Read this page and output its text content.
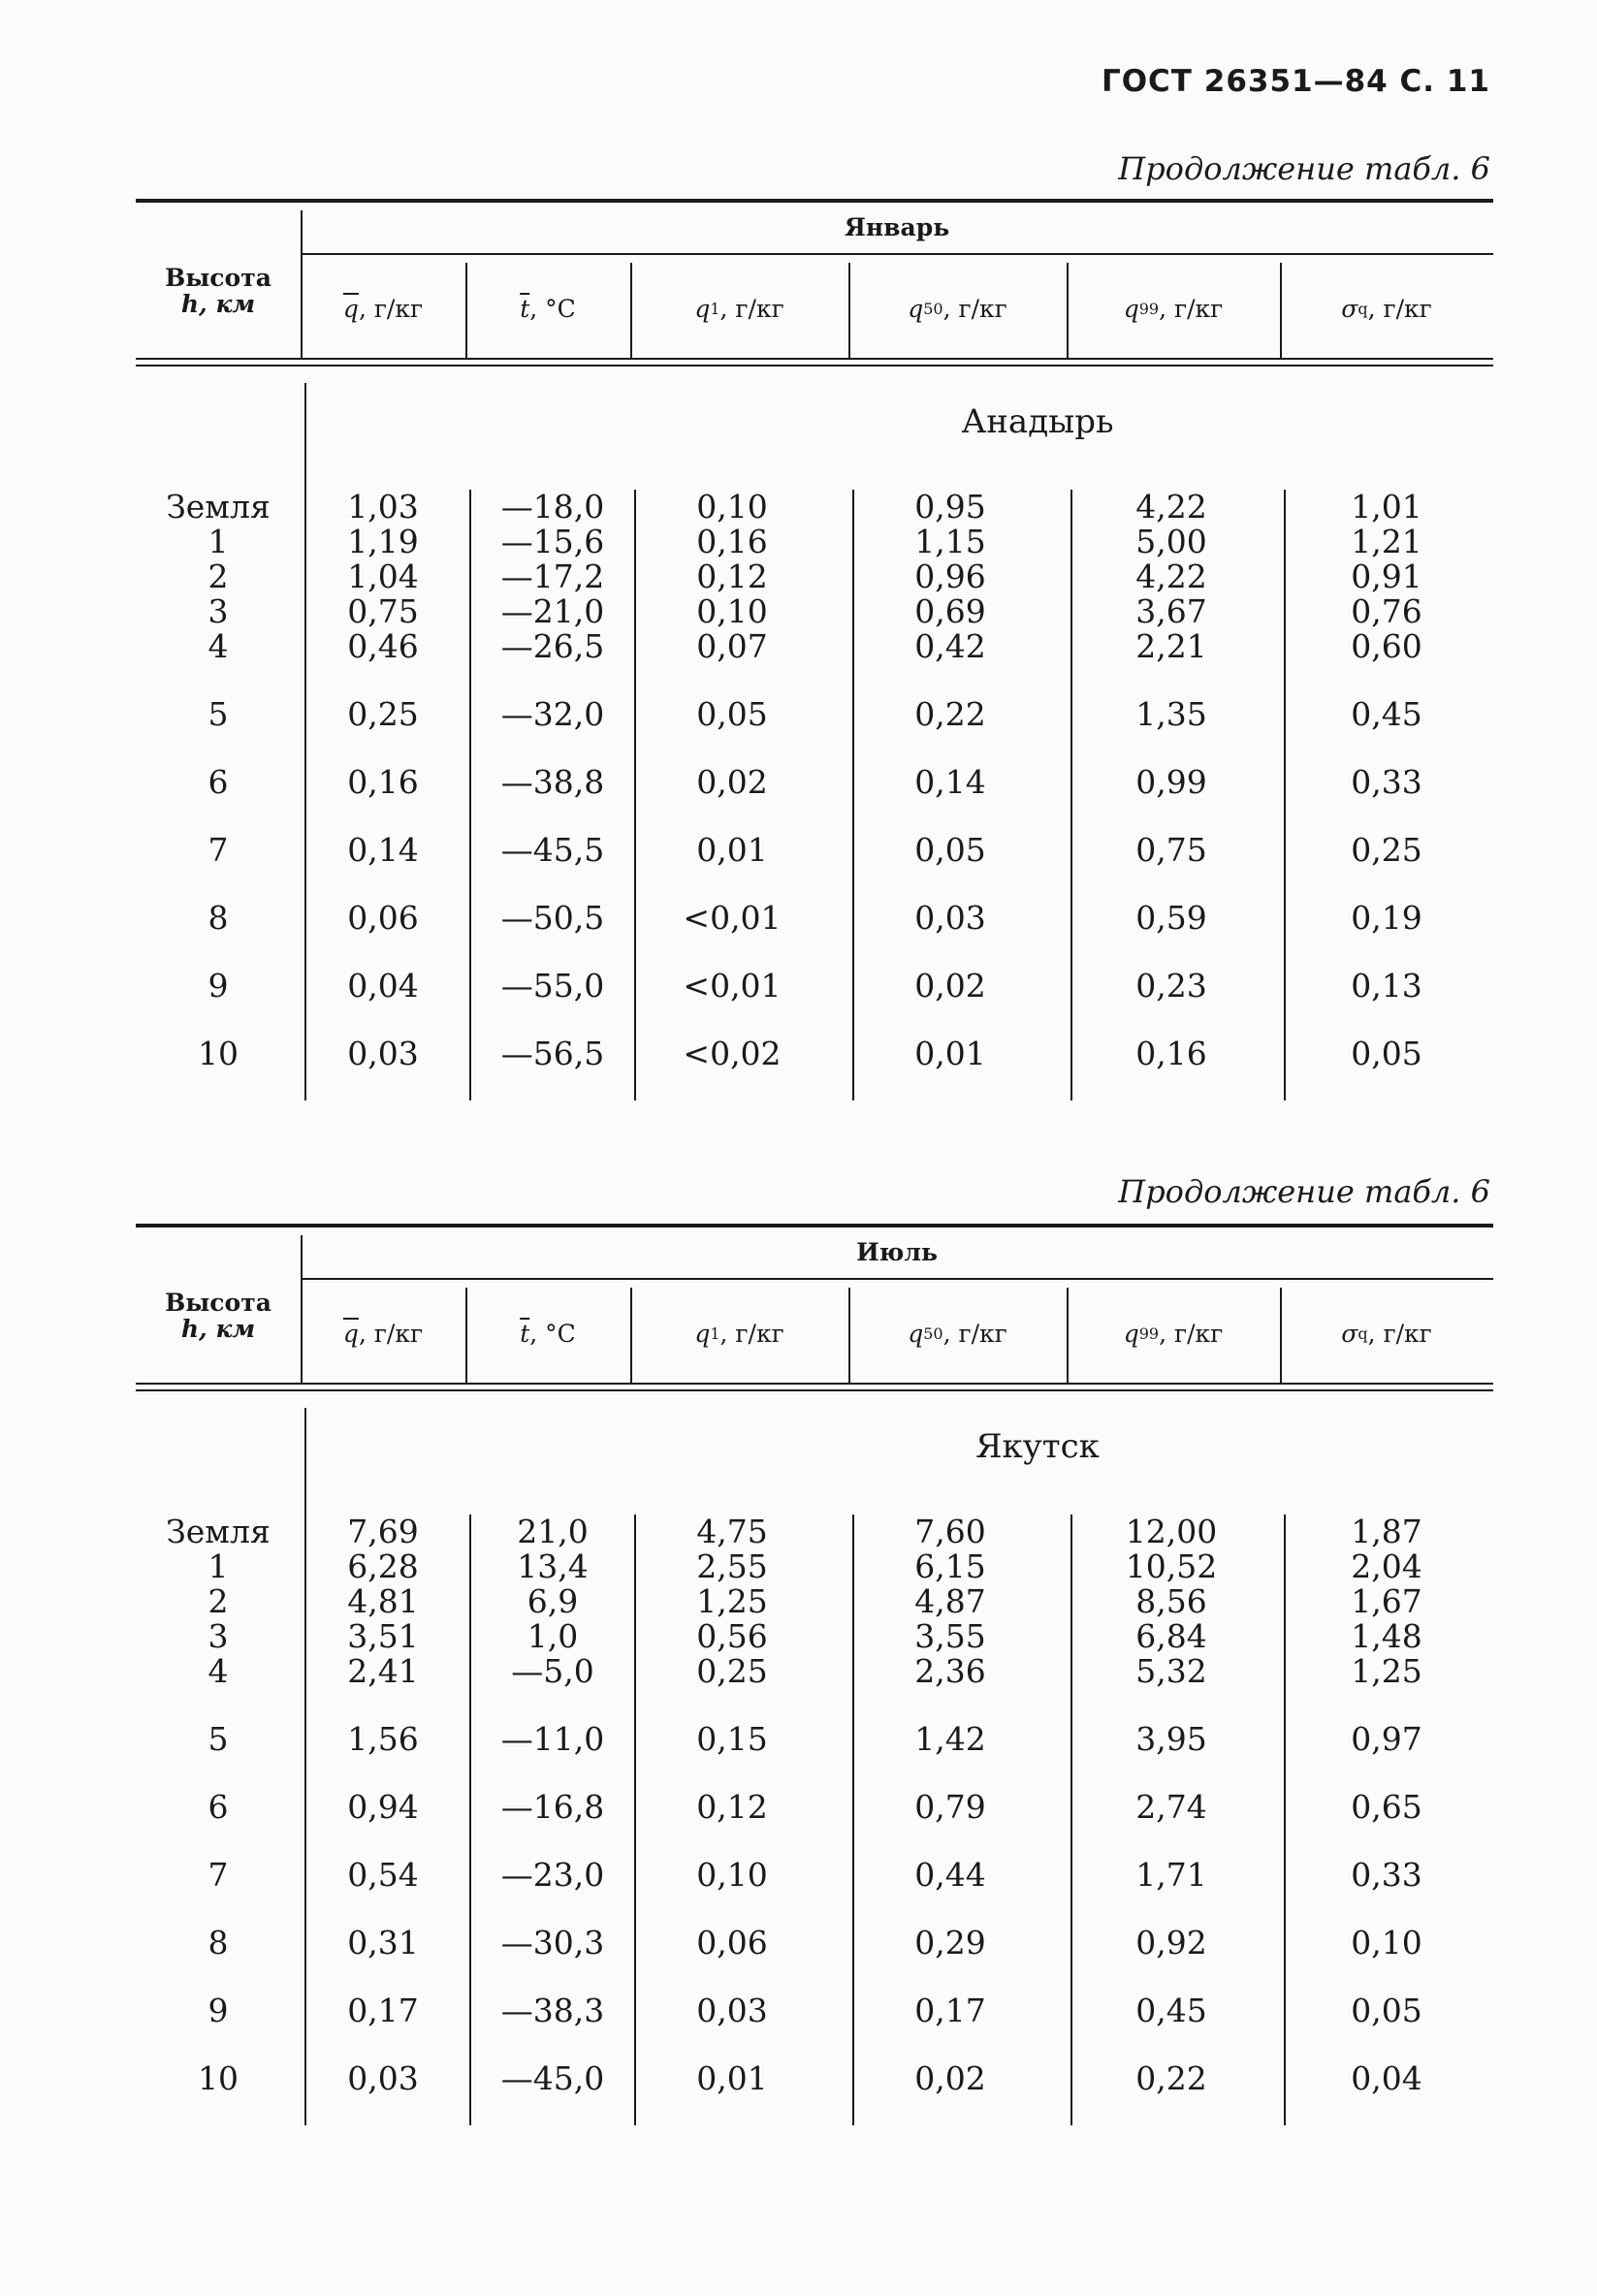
ГОСТ 26351—84 С. 11
Продолжение табл. 6
Высота
h, км
Январь
$\overline{q}$ , г/кг	$\overline{t}$ , °С	q 1 , г/кг	q 50 , г/кг	q 99 , г/кг	σ q , г/кг
Анадырь
Земля	1,03	—18,0	0,10	0,95	4,22	1,01
1	1,19	—15,6	0,16	1,15	5,00	1,21
2	1,04	—17,2	0,12	0,96	4,22	0,91
3	0,75	—21,0	0,10	0,69	3,67	0,76
4	0,46	—26,5	0,07	0,42	2,21	0,60
5	0,25	—32,0	0,05	0,22	1,35	0,45
6	0,16	—38,8	0,02	0,14	0,99	0,33
7	0,14	—45,5	0,01	0,05	0,75	0,25
8	0,06	—50,5	<0,01	0,03	0,59	0,19
9	0,04	—55,0	<0,01	0,02	0,23	0,13
10	0,03	—56,5	<0,02	0,01	0,16	0,05
Продолжение табл. 6
Высота
h, км
Июль
$\overline{q}$ , г/кг	$\overline{t}$ , °С	q 1 , г/кг	q 50 , г/кг	q 99 , г/кг	σ q , г/кг
Якутск
Земля	7,69	21,0	4,75	7,60	12,00	1,87
1	6,28	13,4	2,55	6,15	10,52	2,04
2	4,81	6,9	1,25	4,87	8,56	1,67
3	3,51	1,0	0,56	3,55	6,84	1,48
4	2,41	—5,0	0,25	2,36	5,32	1,25
5	1,56	—11,0	0,15	1,42	3,95	0,97
6	0,94	—16,8	0,12	0,79	2,74	0,65
7	0,54	—23,0	0,10	0,44	1,71	0,33
8	0,31	—30,3	0,06	0,29	0,92	0,10
9	0,17	—38,3	0,03	0,17	0,45	0,05
10	0,03	—45,0	0,01	0,02	0,22	0,04
